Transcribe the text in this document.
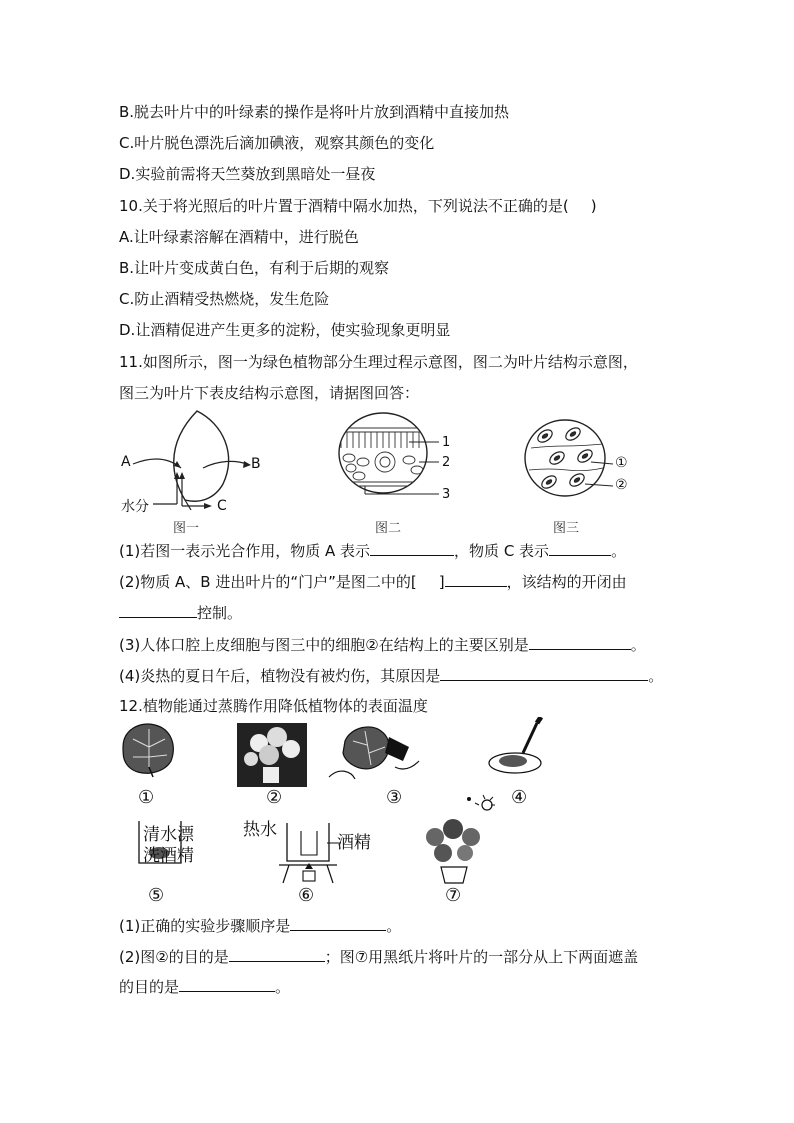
B.脱去叶片中的叶绿素的操作是将叶片放到酒精中直接加热
C.叶片脱色漂洗后滴加碘液，观察其颜色的变化
D.实验前需将天竺葵放到黑暗处一昼夜
10.关于将光照后的叶片置于酒精中隔水加热，下列说法不正确的是( )
A.让叶绿素溶解在酒精中，进行脱色
B.让叶片变成黄白色，有利于后期的观察
C.防止酒精受热燃烧，发生危险
D.让酒精促进产生更多的淀粉，使实验现象更明显
11.如图所示，图一为绿色植物部分生理过程示意图，图二为叶片结构示意图，
图三为叶片下表皮结构示意图，请据图回答：
A	B
水分	C
图一
1
2
3
图二
①
②
图三
(1)若图一表示光合作用，物质 A 表示	，物质 C 表示	。
(2)物质 A、B 进出叶片的“门户”是图二中的[ ]	，该结构的开闭由
控制。
(3)人体口腔上皮细胞与图三中的细胞②在结构上的主要区别是	。
(4)炎热的夏日午后，植物没有被灼伤，其原因是	。
12.植物能通过蒸腾作用降低植物体的表面温度
①	②	③	④
清水漂
洗酒精
热水
酒精
⑤	⑥	⑦
(1)正确的实验步骤顺序是	。
(2)图②的目的是	；图⑦用黑纸片将叶片的一部分从上下两面遮盖
的目的是	。
